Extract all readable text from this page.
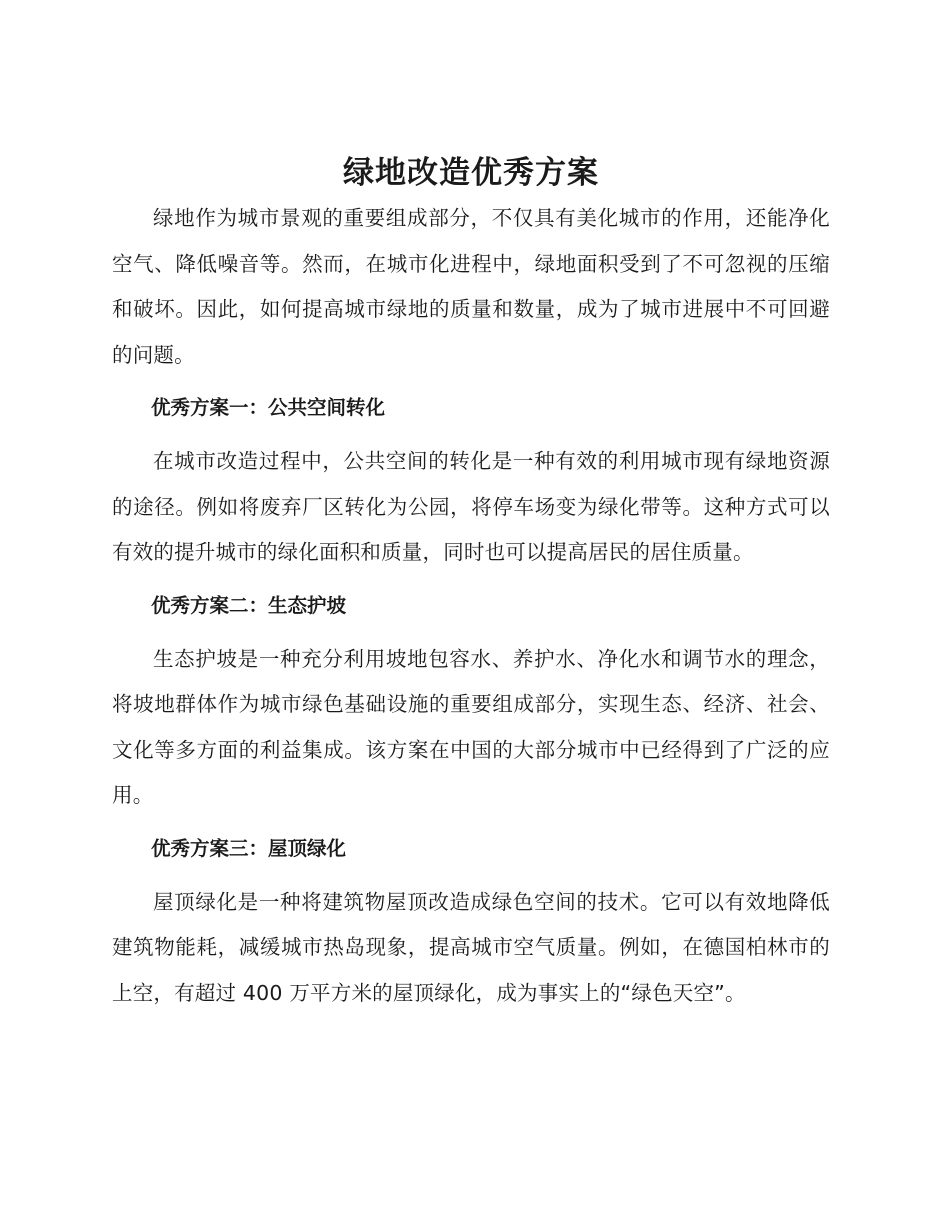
绿地改造优秀方案

绿地作为城市景观的重要组成部分，不仅具有美化城市的作用，还能净化空气、降低噪音等。然而，在城市化进程中，绿地面积受到了不可忽视的压缩和破坏。因此，如何提高城市绿地的质量和数量，成为了城市进展中不可回避的问题。

优秀方案一：公共空间转化

在城市改造过程中，公共空间的转化是一种有效的利用城市现有绿地资源的途径。例如将废弃厂区转化为公园，将停车场变为绿化带等。这种方式可以有效的提升城市的绿化面积和质量，同时也可以提高居民的居住质量。

优秀方案二：生态护坡

生态护坡是一种充分利用坡地包容水、养护水、净化水和调节水的理念，将坡地群体作为城市绿色基础设施的重要组成部分，实现生态、经济、社会、文化等多方面的利益集成。该方案在中国的大部分城市中已经得到了广泛的应用。

优秀方案三：屋顶绿化

屋顶绿化是一种将建筑物屋顶改造成绿色空间的技术。它可以有效地降低建筑物能耗，减缓城市热岛现象，提高城市空气质量。例如，在德国柏林市的上空，有超过 400 万平方米的屋顶绿化，成为事实上的“绿色天空”。
